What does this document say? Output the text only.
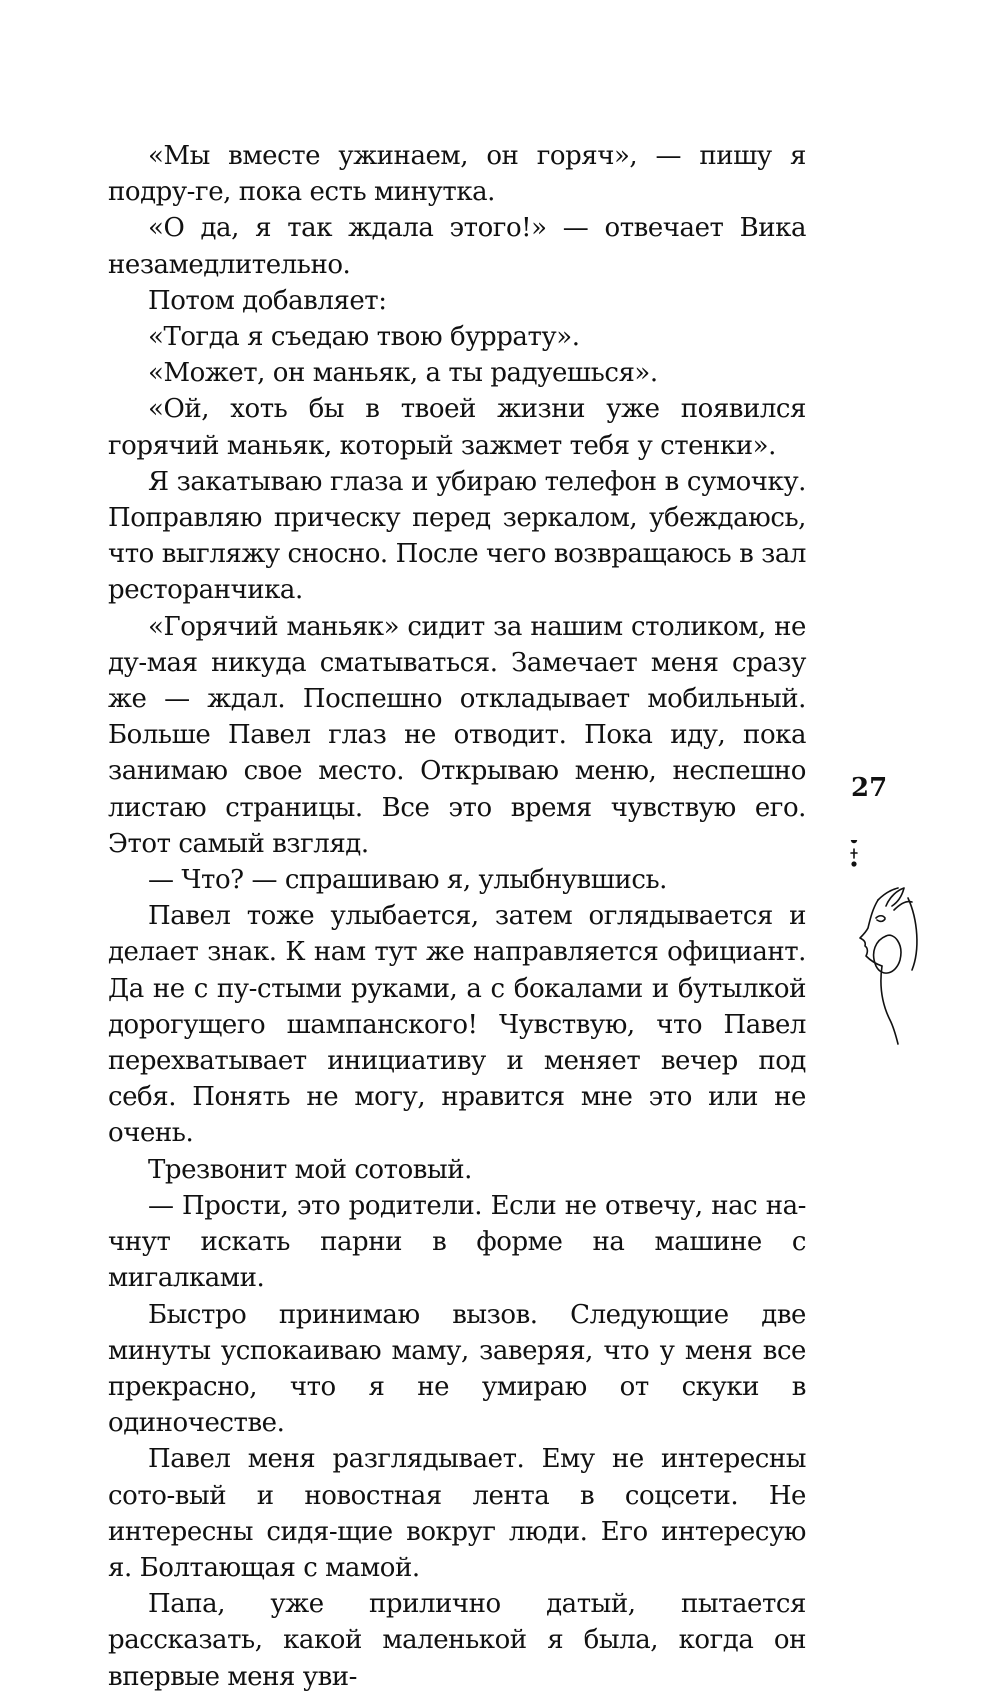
«Мы вместе ужинаем, он горяч», — пишу я подру-ге, пока есть минутка.

«О да, я так ждала этого!» — отвечает Вика незамедлительно.

Потом добавляет:

«Тогда я съедаю твою буррату».

«Может, он маньяк, а ты радуешься».

«Ой, хоть бы в твоей жизни уже появился горячий маньяк, который зажмет тебя у стенки».

Я закатываю глаза и убираю телефон в сумочку. Поправляю прическу перед зеркалом, убеждаюсь, что выгляжу сносно. После чего возвращаюсь в зал ресторанчика.

«Горячий маньяк» сидит за нашим столиком, не ду-мая никуда сматываться. Замечает меня сразу же — ждал. Поспешно откладывает мобильный. Больше Павел глаз не отводит. Пока иду, пока занимаю свое место. Открываю меню, неспешно листаю страницы. Все это время чувствую его. Этот самый взгляд.

— Что? — спрашиваю я, улыбнувшись.

Павел тоже улыбается, затем оглядывается и делает знак. К нам тут же направляется официант. Да не с пу-стыми руками, а с бокалами и бутылкой дорогущего шампанского! Чувствую, что Павел перехватывает инициативу и меняет вечер под себя. Понять не могу, нравится мне это или не очень.

Трезвонит мой сотовый.

— Прости, это родители. Если не отвечу, нас на-чнут искать парни в форме на машине с мигалками.

Быстро принимаю вызов. Следующие две минуты успокаиваю маму, заверяя, что у меня все прекрасно, что я не умираю от скуки в одиночестве.

Павел меня разглядывает. Ему не интересны сото-вый и новостная лента в соцсети. Не интересны сидя-щие вокруг люди. Его интересую я. Болтающая с мамой.

Папа, уже прилично датый, пытается рассказать, какой маленькой я была, когда он впервые меня уви-

27
